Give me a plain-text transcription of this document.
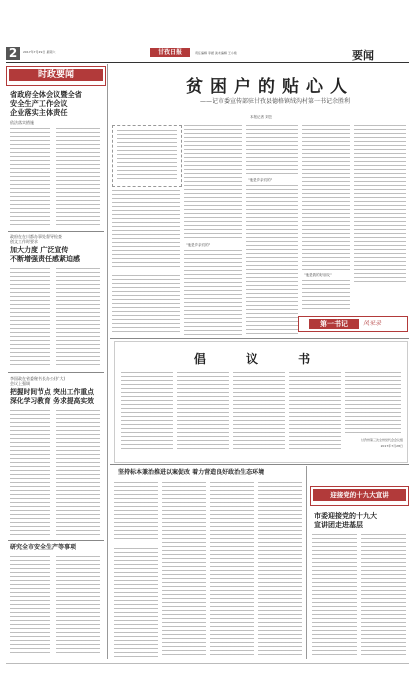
2	2017年7月29日 星期六	甘孜日报	责任编辑 李媛 美术编辑 王小艳	要闻
时政要闻
省政府全体会议暨全省
安全生产工作会议
企业落实主体责任
依法落实措施
政府在在川都办事处督导检查
创文工作时要求
加大力度 广泛宣传
不断增强责任感紧迫感
李国政在省委秘书长办公(扩大)
会议上强调
把握时间节点 突出工作重点
深化学习教育 务求提高实效
研究全市安全生产等事项
贫困户的贴心人
——记市委宣传部驻甘孜县德格镇绒沟村第一书记余胜利
本报记者 刘芸
"他是乡亲们的"
"他是乡亲们的"
"他是我的好朋友"
第一书记	风采录
倡 议 书
甘孜州第三次全州党代会会议组
2017年7月28日
坚持标本兼治推进以案促改 着力营造良好政治生态环境
迎接党的十九大宣讲
市委迎接党的十九大
宣讲团走进基层
